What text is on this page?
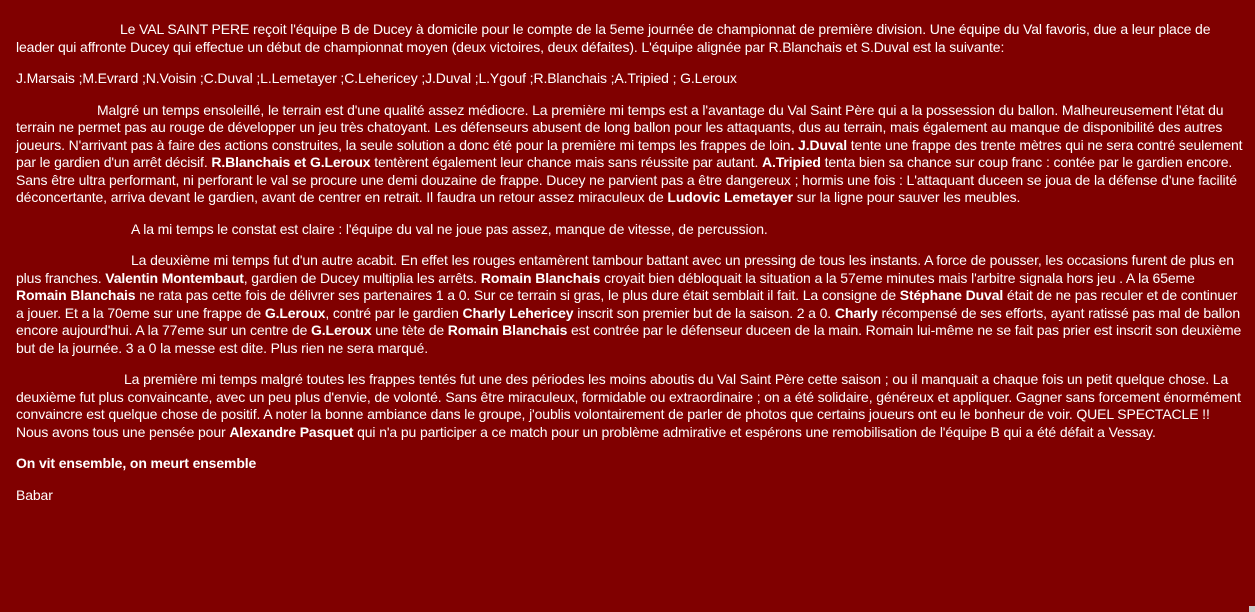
Le VAL SAINT PERE reçoit l'équipe B de Ducey à domicile pour le compte de la 5eme journée de championnat de première division. Une équipe du Val favoris, due a leur place de leader qui affronte Ducey qui effectue un début de championnat moyen (deux victoires, deux défaites). L'équipe alignée par R.Blanchais et S.Duval est la suivante:

J.Marsais ;M.Evrard ;N.Voisin ;C.Duval ;L.Lemetayer ;C.Lehericey ;J.Duval ;L.Ygouf ;R.Blanchais ;A.Tripied ; G.Leroux

Malgré un temps ensoleillé, le terrain est d'une qualité assez médiocre. La première mi temps est a l'avantage du Val Saint Père qui a la possession du ballon. Malheureusement l'état du terrain ne permet pas au rouge de développer un jeu très chatoyant. Les défenseurs abusent de long ballon pour les attaquants, dus au terrain, mais également au manque de disponibilité des autres joueurs. N'arrivant pas à faire des actions construites, la seule solution a donc été pour la première mi temps les frappes de loin. J.Duval tente une frappe des trente mètres qui ne sera contré seulement par le gardien d'un arrêt décisif. R.Blanchais et G.Leroux tentèrent également leur chance mais sans réussite par autant. A.Tripied tenta bien sa chance sur coup franc : contée par le gardien encore. Sans être ultra performant, ni perforant le val se procure une demi douzaine de frappe. Ducey ne parvient pas a être dangereux ; hormis une fois : L'attaquant duceen se joua de la défense d'une facilité déconcertante, arriva devant le gardien, avant de centrer en retrait. Il faudra un retour assez miraculeux de Ludovic Lemetayer sur la ligne pour sauver les meubles.

A la mi temps le constat est claire : l'équipe du val ne joue pas assez, manque de vitesse, de percussion.

La deuxième mi temps fut d'un autre acabit. En effet les rouges entamèrent tambour battant avec un pressing de tous les instants. A force de pousser, les occasions furent de plus en plus franches. Valentin Montembaut, gardien de Ducey multiplia les arrêts. Romain Blanchais croyait bien débloquait la situation a la 57eme minutes mais l'arbitre signala hors jeu . A la 65eme Romain Blanchais ne rata pas cette fois de délivrer ses partenaires 1 a 0. Sur ce terrain si gras, le plus dure était semblait il fait. La consigne de Stéphane Duval était de ne pas reculer et de continuer a jouer. Et a la 70eme sur une frappe de G.Leroux, contré par le gardien Charly Lehericey inscrit son premier but de la saison. 2 a 0. Charly récompensé de ses efforts, ayant ratissé pas mal de ballon encore aujourd'hui. A la 77eme sur un centre de G.Leroux une tète de Romain Blanchais est contrée par le défenseur duceen de la main. Romain lui-même ne se fait pas prier est inscrit son deuxième but de la journée. 3 a 0 la messe est dite. Plus rien ne sera marqué.

La première mi temps malgré toutes les frappes tentés fut une des périodes les moins aboutis du Val Saint Père cette saison ; ou il manquait a chaque fois un petit quelque chose. La deuxième fut plus convaincante, avec un peu plus d'envie, de volonté. Sans être miraculeux, formidable ou extraordinaire ; on a été solidaire, généreux et appliquer. Gagner sans forcement énormément convaincre est quelque chose de positif. A noter la bonne ambiance dans le groupe, j'oublis volontairement de parler de photos que certains joueurs ont eu le bonheur de voir. QUEL SPECTACLE !! Nous avons tous une pensée pour Alexandre Pasquet qui n'a pu participer a ce match pour un problème admirative et espérons une remobilisation de l'équipe B qui a été défait a Vessay.

On vit ensemble, on meurt ensemble

Babar
